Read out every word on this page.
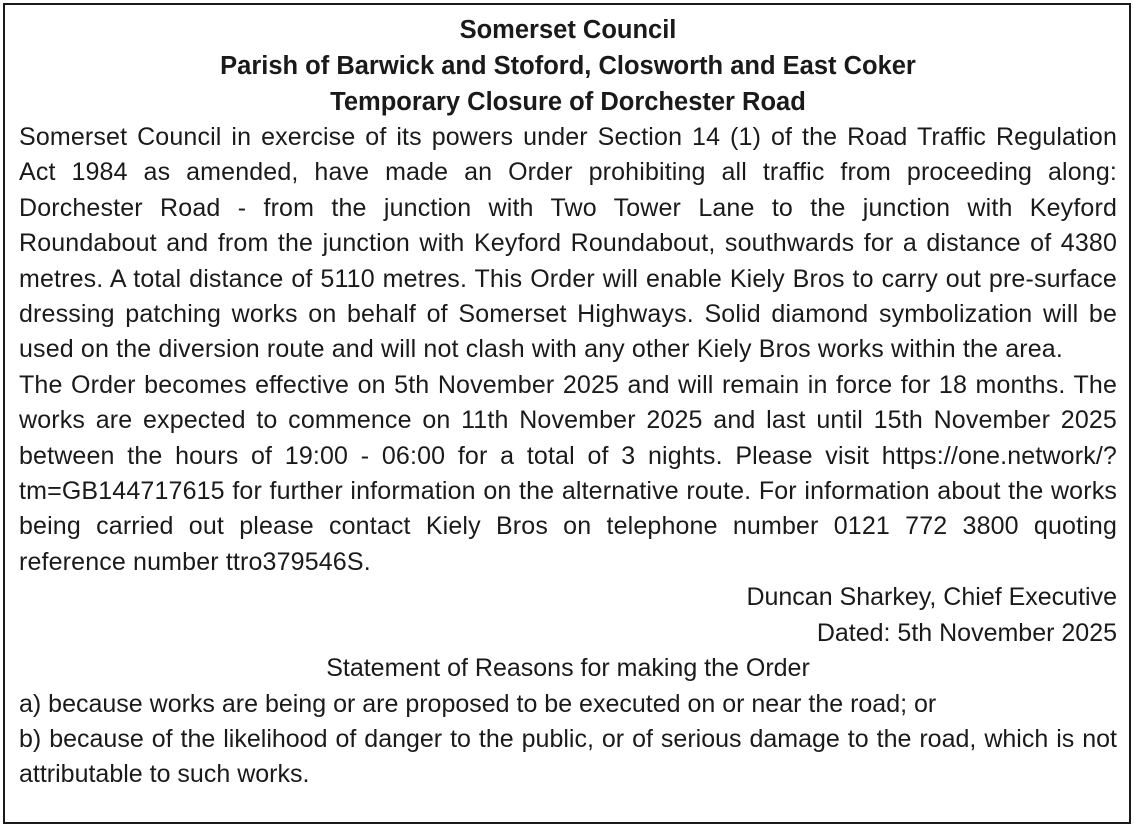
Somerset Council

Parish of Barwick and Stoford, Closworth and East Coker

Temporary Closure of Dorchester Road

Somerset Council in exercise of its powers under Section 14 (1) of the Road Traffic Regulation Act 1984 as amended, have made an Order prohibiting all traffic from proceeding along: Dorchester Road - from the junction with Two Tower Lane to the junction with Keyford Roundabout and from the junction with Keyford Roundabout, southwards for a distance of 4380 metres. A total distance of 5110 metres. This Order will enable Kiely Bros to carry out pre-surface dressing patching works on behalf of Somerset Highways. Solid diamond symbolization will be used on the diversion route and will not clash with any other Kiely Bros works within the area.

The Order becomes effective on 5th November 2025 and will remain in force for 18 months. The works are expected to commence on 11th November 2025 and last until 15th November 2025 between the hours of 19:00 - 06:00 for a total of 3 nights. Please visit https://one.network/?tm=GB144717615 for further information on the alternative route. For information about the works being carried out please contact Kiely Bros on telephone number 0121 772 3800 quoting reference number ttro379546S.

Duncan Sharkey, Chief Executive

Dated: 5th November 2025

Statement of Reasons for making the Order

a) because works are being or are proposed to be executed on or near the road; or

b) because of the likelihood of danger to the public, or of serious damage to the road, which is not attributable to such works.
